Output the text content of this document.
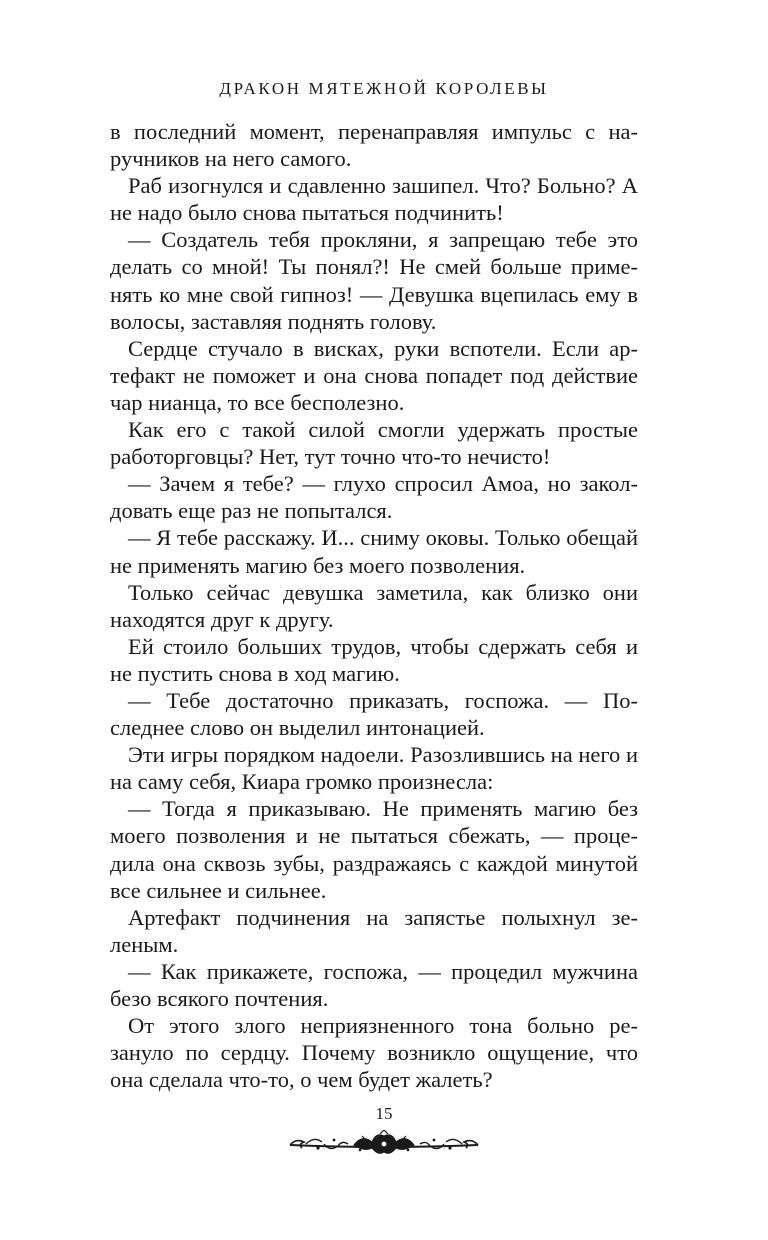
ДРАКОН МЯТЕЖНОЙ КОРОЛЕВЫ

в последний момент, перенаправляя импульс с наручников на него самого.

Раб изогнулся и сдавленно зашипел. Что? Больно? А не надо было снова пытаться подчинить!

— Создатель тебя прокляни, я запрещаю тебе это делать со мной! Ты понял?! Не смей больше применять ко мне свой гипноз! — Девушка вцепилась ему в волосы, заставляя поднять голову.

Сердце стучало в висках, руки вспотели. Если артефакт не поможет и она снова попадет под действие чар нианца, то все бесполезно.

Как его с такой силой смогли удержать простые работорговцы? Нет, тут точно что-то нечисто!

— Зачем я тебе? — глухо спросил Амоа, но заколдовать еще раз не попытался.

— Я тебе расскажу. И... сниму оковы. Только обещай не применять магию без моего позволения.

Только сейчас девушка заметила, как близко они находятся друг к другу.

Ей стоило больших трудов, чтобы сдержать себя и не пустить снова в ход магию.

— Тебе достаточно приказать, госпожа. — Последнее слово он выделил интонацией.

Эти игры порядком надоели. Разозлившись на него и на саму себя, Киара громко произнесла:

— Тогда я приказываю. Не применять магию без моего позволения и не пытаться сбежать, — процедила она сквозь зубы, раздражаясь с каждой минутой все сильнее и сильнее.

Артефакт подчинения на запястье полыхнул зеленым.

— Как прикажете, госпожа, — процедил мужчина безо всякого почтения.

От этого злого неприязненного тона больно резануло по сердцу. Почему возникло ощущение, что она сделала что-то, о чем будет жалеть?

15
